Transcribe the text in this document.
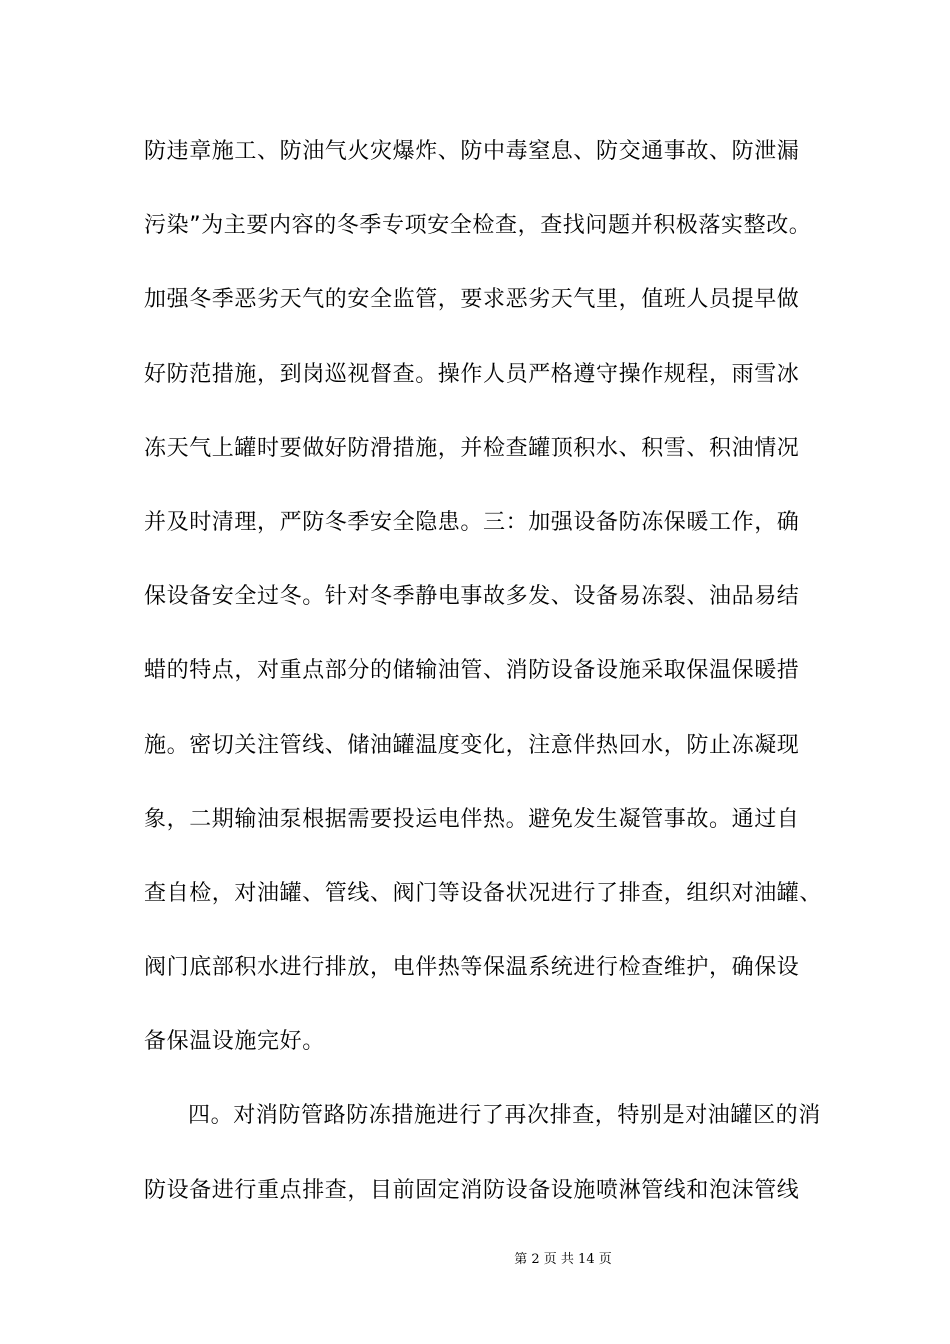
防违章施工、防油气火灾爆炸、防中毒窒息、防交通事故、防泄漏
污染”为主要内容的冬季专项安全检查，查找问题并积极落实整改。
加强冬季恶劣天气的安全监管，要求恶劣天气里，值班人员提早做
好防范措施，到岗巡视督查。操作人员严格遵守操作规程，雨雪冰
冻天气上罐时要做好防滑措施，并检查罐顶积水、积雪、积油情况
并及时清理，严防冬季安全隐患。三：加强设备防冻保暖工作，确
保设备安全过冬。针对冬季静电事故多发、设备易冻裂、油品易结
蜡的特点，对重点部分的储输油管、消防设备设施采取保温保暖措
施。密切关注管线、储油罐温度变化，注意伴热回水，防止冻凝现
象，二期输油泵根据需要投运电伴热。避免发生凝管事故。通过自
查自检，对油罐、管线、阀门等设备状况进行了排查，组织对油罐、
阀门底部积水进行排放，电伴热等保温系统进行检查维护，确保设
备保温设施完好。
四。对消防管路防冻措施进行了再次排查，特别是对油罐区的消
防设备进行重点排查，目前固定消防设备设施喷淋管线和泡沫管线
第 2 页 共 14 页
